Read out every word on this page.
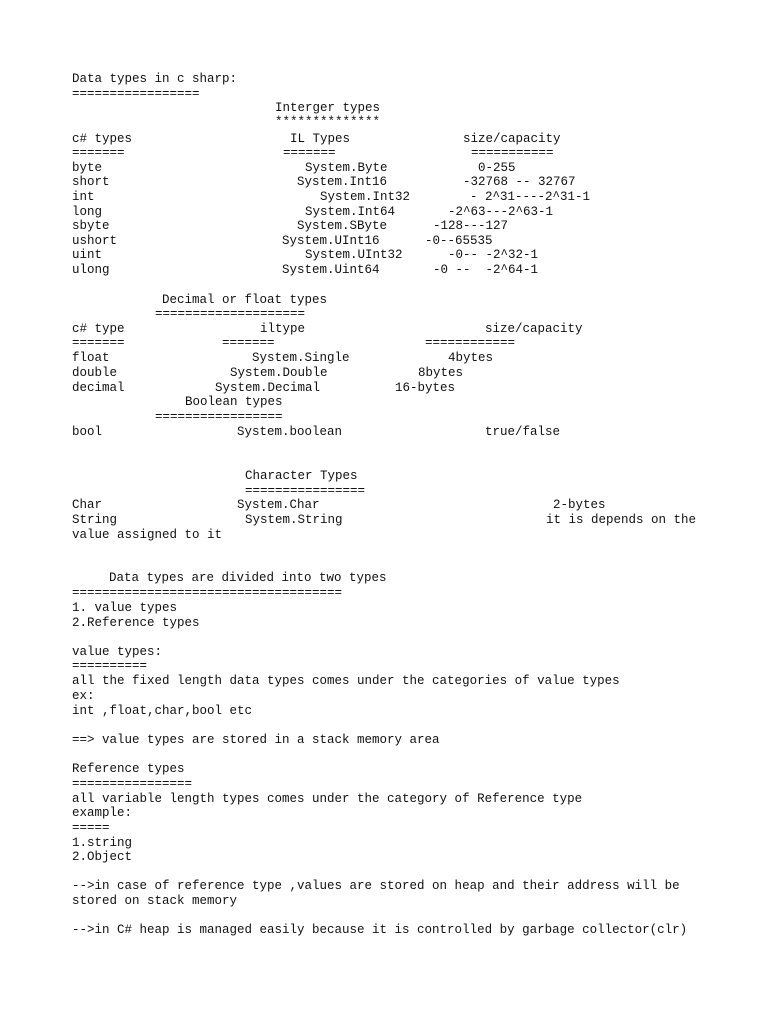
Data types in c sharp:
=================
Interger types
**************
c# types	IL Types	size/capacity
=======	=======	===========
byte	System.Byte	0-255
short	System.Int16	-32768 -- 32767
int	System.Int32	- 2^31----2^31-1
long	System.Int64	-2^63---2^63-1
sbyte	System.SByte	-128---127
ushort	System.UInt16	-0--65535
uint	System.UInt32	-0-- -2^32-1
ulong	System.Uint64	-0 --  -2^64-1
Decimal or float types
====================
c# type	iltype	size/capacity
=======	=======	============
float	System.Single	4bytes
double	System.Double	8bytes
decimal	System.Decimal	16-bytes
Boolean types
=================
bool	System.boolean	true/false
Character Types
================
Char	System.Char	2-bytes
String	System.String	it is depends on the
value assigned to it
Data types are divided into two types
====================================
1. value types
2.Reference types
value types:
==========
all the fixed length data types comes under the categories of value types
ex:
int ,float,char,bool etc
==> value types are stored in a stack memory area
Reference types
================
all variable length types comes under the category of Reference type
example:
=====
1.string
2.Object
-->in case of reference type ,values are stored on heap and their address will be
stored on stack memory
-->in C# heap is managed easily because it is controlled by garbage collector(clr)
